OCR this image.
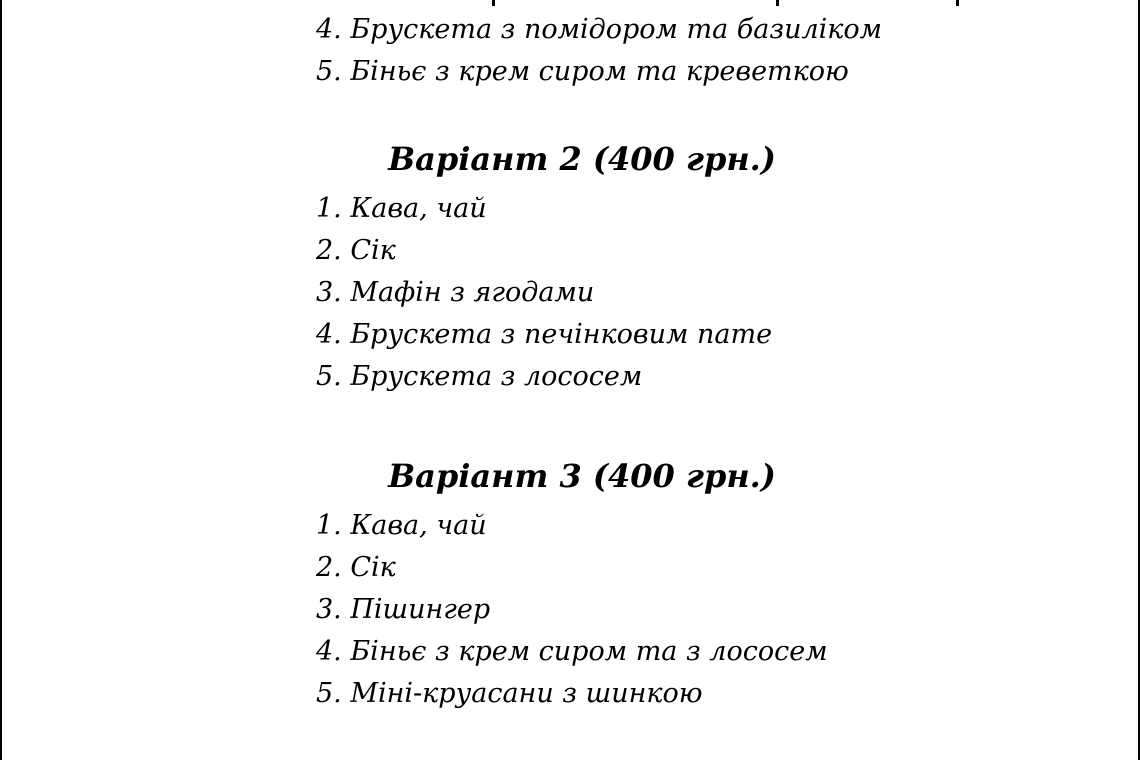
4. Брускета з помідором та базиліком
5. Біньє з крем сиром та креветкою
Варіант 2 (400 грн.)
1. Кава, чай
2. Сік
3. Мафін з ягодами
4. Брускета з печінковим пате
5. Брускета з лососем
Варіант 3 (400 грн.)
1. Кава, чай
2. Сік
3. Пішингер
4. Біньє з крем сиром та з лососем
5. Міні-круасани з шинкою
